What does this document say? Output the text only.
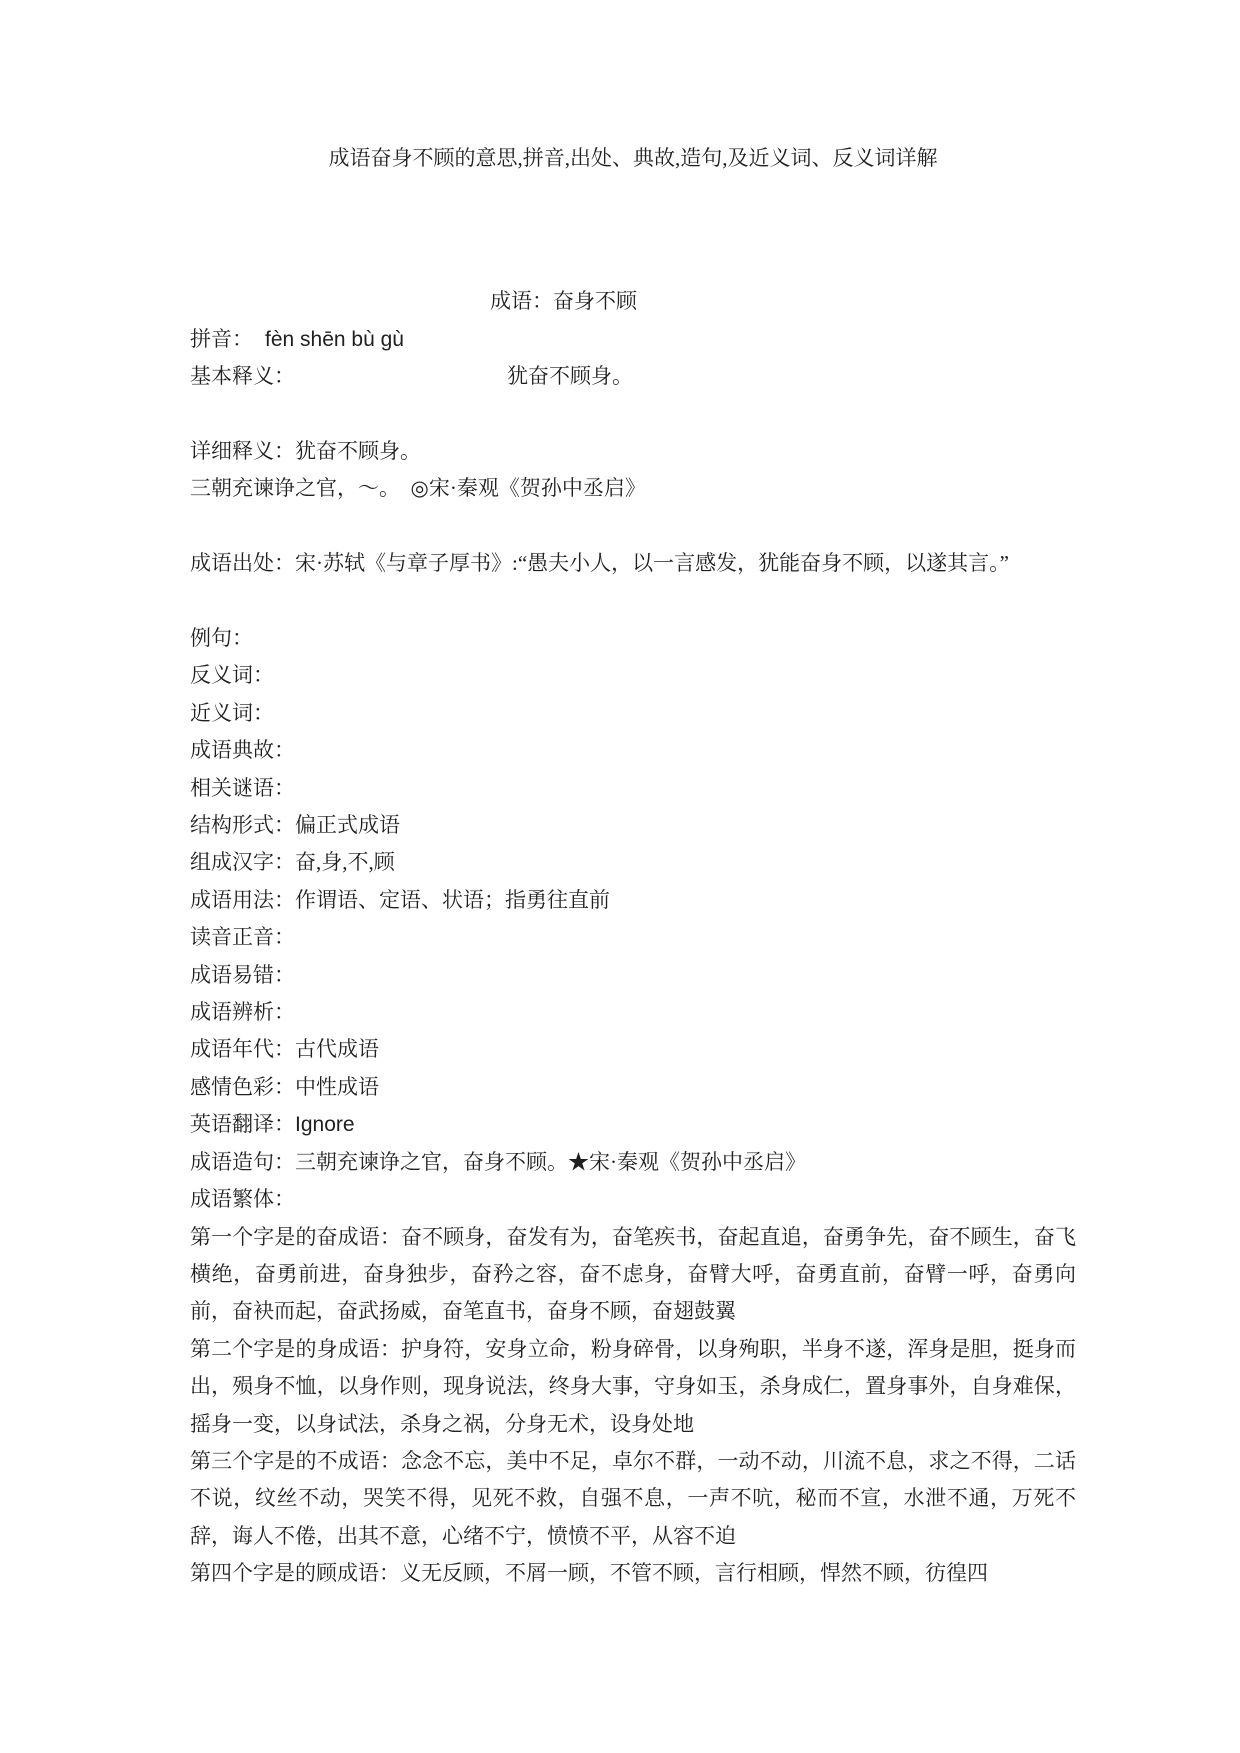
成语奋身不顾的意思,拼音,出处、典故,造句,及近义词、反义词详解

成语：奋身不顾

拼音： fèn shēn bù gù

基本释义：	犹奋不顾身。

详细释义：犹奋不顾身。

三朝充谏诤之官，～。　◎宋·秦观《贺孙中丞启》

成语出处：宋·苏轼《与章子厚书》:“愚夫小人，以一言感发，犹能奋身不顾，以遂其言。”

例句：

反义词：

近义词：

成语典故：

相关谜语：

结构形式：偏正式成语

组成汉字：奋,身,不,顾

成语用法：作谓语、定语、状语；指勇往直前

读音正音：

成语易错：

成语辨析：

成语年代：古代成语

感情色彩：中性成语

英语翻译：Ignore

成语造句：三朝充谏诤之官，奋身不顾。★宋·秦观《贺孙中丞启》

成语繁体：

第一个字是的奋成语：奋不顾身，奋发有为，奋笔疾书，奋起直追，奋勇争先，奋不顾生，奋飞横绝，奋勇前进，奋身独步，奋矜之容，奋不虑身，奋臂大呼，奋勇直前，奋臂一呼，奋勇向前，奋袂而起，奋武扬威，奋笔直书，奋身不顾，奋翅鼓翼

第二个字是的身成语：护身符，安身立命，粉身碎骨，以身殉职，半身不遂，浑身是胆，挺身而出，殒身不恤，以身作则，现身说法，终身大事，守身如玉，杀身成仁，置身事外，自身难保，摇身一变，以身试法，杀身之祸，分身无术，设身处地

第三个字是的不成语：念念不忘，美中不足，卓尔不群，一动不动，川流不息，求之不得，二话不说，纹丝不动，哭笑不得，见死不救，自强不息，一声不吭，秘而不宣，水泄不通，万死不辞，诲人不倦，出其不意，心绪不宁，愤愤不平，从容不迫

第四个字是的顾成语：义无反顾，不屑一顾，不管不顾，言行相顾，悍然不顾，彷徨四
